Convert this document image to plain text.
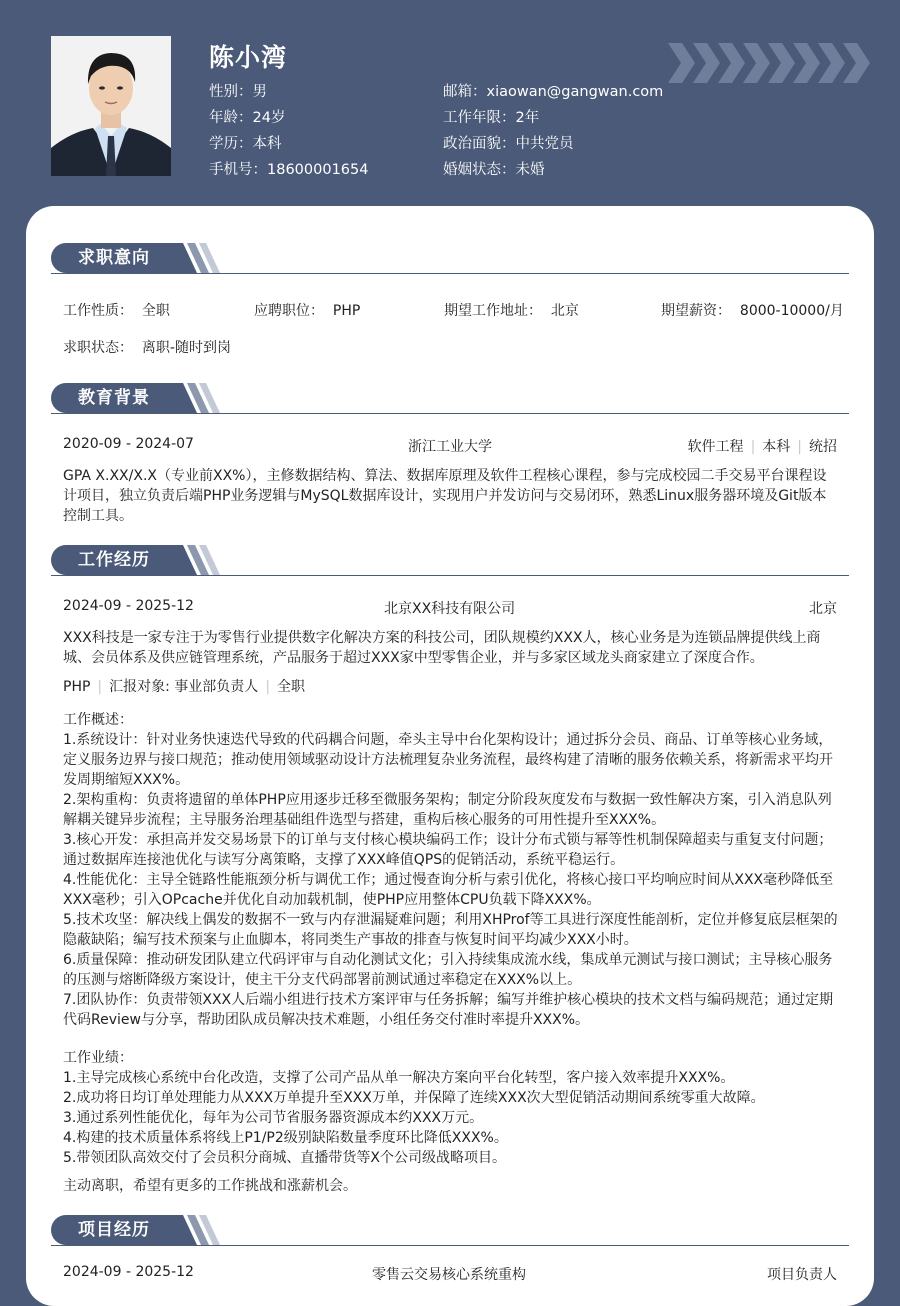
陈小湾
性别：男
年龄：24岁
学历：本科
手机号：18600001654
邮箱：xiaowan@gangwan.com
工作年限：2年
政治面貌：中共党员
婚姻状态：未婚
求职意向
工作性质： 全职	应聘职位： PHP	期望工作地址： 北京	期望薪资： 8000-10000/月
求职状态： 离职-随时到岗
教育背景
2020-09 - 2024-07	浙江工业大学	软件工程 | 本科 | 统招
GPA X.XX/X.X（专业前XX%），主修数据结构、算法、数据库原理及软件工程核心课程，参与完成校园二手交易平台课程设计项目，独立负责后端PHP业务逻辑与MySQL数据库设计，实现用户并发访问与交易闭环，熟悉Linux服务器环境及Git版本控制工具。
工作经历
2024-09 - 2025-12	北京XX科技有限公司	北京
XXX科技是一家专注于为零售行业提供数字化解决方案的科技公司，团队规模约XXX人，核心业务是为连锁品牌提供线上商城、会员体系及供应链管理系统，产品服务于超过XXX家中型零售企业，并与多家区域龙头商家建立了深度合作。
PHP | 汇报对象: 事业部负责人 | 全职
工作概述：
1.系统设计：针对业务快速迭代导致的代码耦合问题，牵头主导中台化架构设计；通过拆分会员、商品、订单等核心业务域，定义服务边界与接口规范；推动使用领域驱动设计方法梳理复杂业务流程，最终构建了清晰的服务依赖关系，将新需求平均开发周期缩短XXX%。
2.架构重构：负责将遗留的单体PHP应用逐步迁移至微服务架构；制定分阶段灰度发布与数据一致性解决方案，引入消息队列解耦关键异步流程；主导服务治理基础组件选型与搭建，重构后核心服务的可用性提升至XXX%。
3.核心开发：承担高并发交易场景下的订单与支付核心模块编码工作；设计分布式锁与幂等性机制保障超卖与重复支付问题；通过数据库连接池优化与读写分离策略，支撑了XXX峰值QPS的促销活动，系统平稳运行。
4.性能优化：主导全链路性能瓶颈分析与调优工作；通过慢查询分析与索引优化，将核心接口平均响应时间从XXX毫秒降低至XXX毫秒；引入OPcache并优化自动加载机制，使PHP应用整体CPU负载下降XXX%。
5.技术攻坚：解决线上偶发的数据不一致与内存泄漏疑难问题；利用XHProf等工具进行深度性能剖析，定位并修复底层框架的隐蔽缺陷；编写技术预案与止血脚本，将同类生产事故的排查与恢复时间平均减少XXX小时。
6.质量保障：推动研发团队建立代码评审与自动化测试文化；引入持续集成流水线，集成单元测试与接口测试；主导核心服务的压测与熔断降级方案设计，使主干分支代码部署前测试通过率稳定在XXX%以上。
7.团队协作：负责带领XXX人后端小组进行技术方案评审与任务拆解；编写并维护核心模块的技术文档与编码规范；通过定期代码Review与分享，帮助团队成员解决技术难题，小组任务交付准时率提升XXX%。
工作业绩：
1.主导完成核心系统中台化改造，支撑了公司产品从单一解决方案向平台化转型，客户接入效率提升XXX%。
2.成功将日均订单处理能力从XXX万单提升至XXX万单，并保障了连续XXX次大型促销活动期间系统零重大故障。
3.通过系列性能优化，每年为公司节省服务器资源成本约XXX万元。
4.构建的技术质量体系将线上P1/P2级别缺陷数量季度环比降低XXX%。
5.带领团队高效交付了会员积分商城、直播带货等X个公司级战略项目。
主动离职，希望有更多的工作挑战和涨薪机会。
项目经历
2024-09 - 2025-12	零售云交易核心系统重构	项目负责人
